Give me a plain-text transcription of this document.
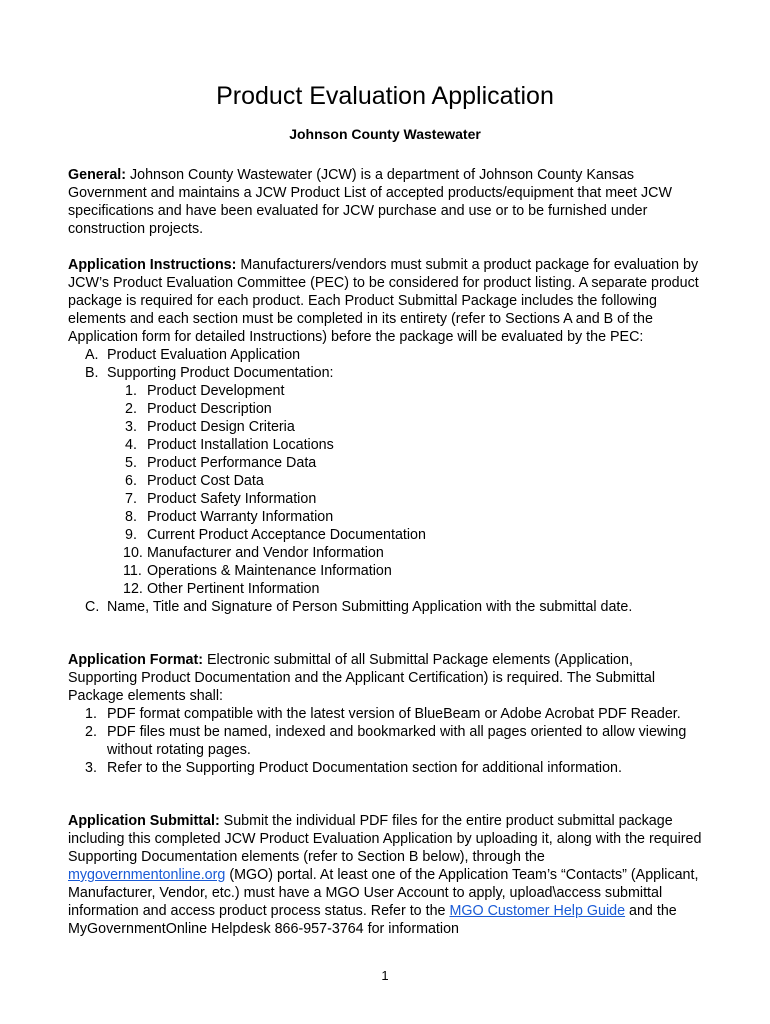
Product Evaluation Application
Johnson County Wastewater

General: Johnson County Wastewater (JCW) is a department of Johnson County Kansas Government and maintains a JCW Product List of accepted products/equipment that meet JCW specifications and have been evaluated for JCW purchase and use or to be furnished under construction projects.

Application Instructions: Manufacturers/vendors must submit a product package for evaluation by JCW’s Product Evaluation Committee (PEC) to be considered for product listing. A separate product package is required for each product. Each Product Submittal Package includes the following elements and each section must be completed in its entirety (refer to Sections A and B of the Application form for detailed Instructions) before the package will be evaluated by the PEC:

A. Product Evaluation Application
B. Supporting Product Documentation:
1. Product Development
2. Product Description
3. Product Design Criteria
4. Product Installation Locations
5. Product Performance Data
6. Product Cost Data
7. Product Safety Information
8. Product Warranty Information
9. Current Product Acceptance Documentation
10. Manufacturer and Vendor Information
11. Operations & Maintenance Information
12. Other Pertinent Information
C. Name, Title and Signature of Person Submitting Application with the submittal date.

Application Format: Electronic submittal of all Submittal Package elements (Application, Supporting Product Documentation and the Applicant Certification) is required. The Submittal Package elements shall:

1. PDF format compatible with the latest version of BlueBeam or Adobe Acrobat PDF Reader.
2. PDF files must be named, indexed and bookmarked with all pages oriented to allow viewing without rotating pages.
3. Refer to the Supporting Product Documentation section for additional information.

Application Submittal: Submit the individual PDF files for the entire product submittal package including this completed JCW Product Evaluation Application by uploading it, along with the required Supporting Documentation elements (refer to Section B below), through the mygovernmentonline.org (MGO) portal. At least one of the Application Team’s “Contacts” (Applicant, Manufacturer, Vendor, etc.) must have a MGO User Account to apply, upload\access submittal information and access product process status. Refer to the MGO Customer Help Guide and the MyGovernmentOnline Helpdesk 866-957-3764 for information

1
